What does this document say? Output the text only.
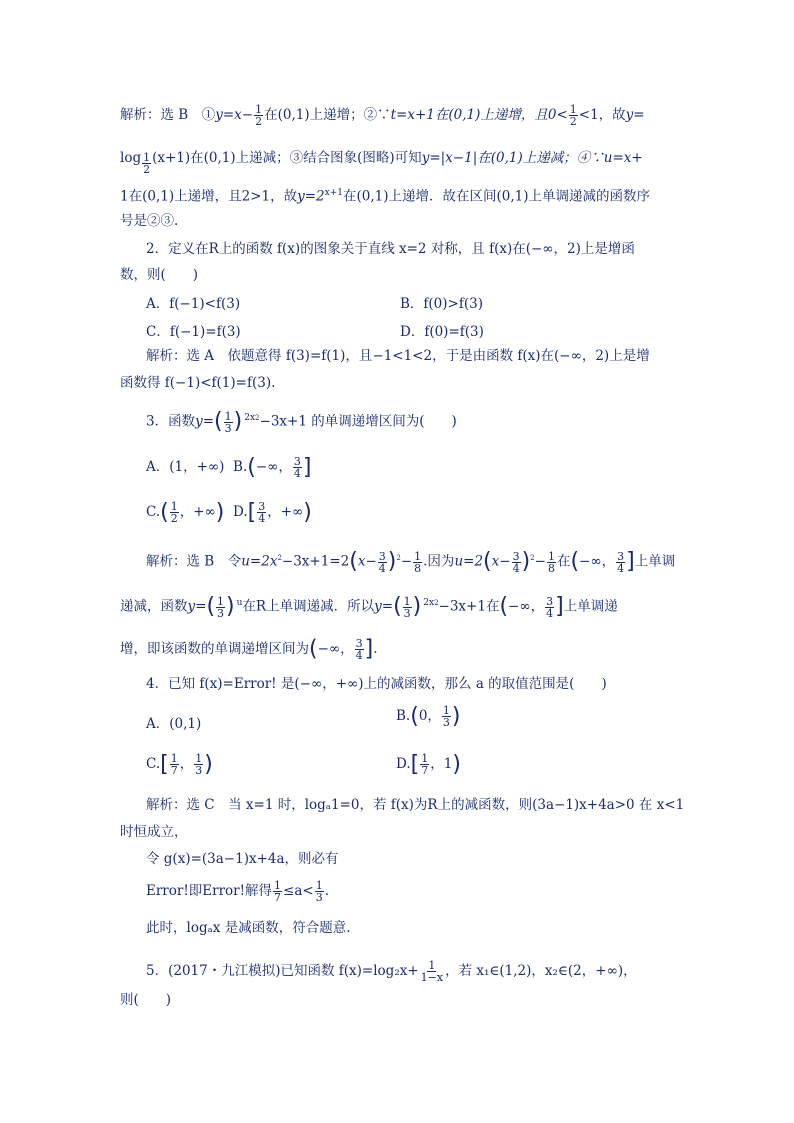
解析：选 B　①y=x− $\frac{1}{2}$ 在(0,1)上递增；②∵t=x+1在(0,1)上递增，且$0< \frac{1}{2} <1$，故y=
log $_{\frac{1}{2}}$ (x+1)在(0,1)上递减；③结合图象(图略)可知y=|x−1|在(0,1)上递减；④∵u=x+
1在(0,1)上递增，且2>1，故$y=2^{x+1}$在(0,1)上递增．故在区间(0,1)上单调递减的函数序
号是②③.
2．定义在R上的函数 f(x)的图象关于直线 x=2 对称，且 f(x)在(−∞，2)上是增函
数，则(　　)
A．f(−1)<f(3)	B．f(0)>f(3)
C．f(−1)=f(3)	D．f(0)=f(3)
解析：选 A　依题意得 f(3)=f(1)，且−1<1<2，于是由函数 f(x)在(−∞，2)上是增
函数得 f(−1)<f(1)=f(3).
3．函数$y=( \frac{1}{3}$ ) $^{2x2}$−3x+1 的单调递增区间为(　　)
A．(1，+∞) B.(−∞， $\frac{3}{4}$ ]
$C.( \frac{1}{2}$ ，+∞) $D.[ \frac{3}{4}$ ，+∞)
解析：选 B　令$u=2x^2-3x+1=2(x- \frac{3}{4} )^2- \frac{1}{8}$ .因为$u=2(x- \frac{3}{4} )^2- \frac{1}{8}$ 在(−∞， $\frac{3}{4}$ ]上单调
递减，函数$y=( \frac{1}{3}$ ) $^u$在R上单调递减．所以$y=( \frac{1}{3}$ ) $^{2x2}$−3x+1在(−∞， $\frac{3}{4}$ ]上单调递
增，即该函数的单调递增区间为(−∞， $\frac{3}{4}$ ].
4．已知 f(x)=Error! 是(−∞，+∞)上的减函数，那么 a 的取值范围是(　　)
A．(0,1)	B.(0， $\frac{1}{3}$ )
$C.[ \frac{1}{7}$ ， $\frac{1}{3}$ )	$D.[ \frac{1}{7}$ ，1)
解析：选 C　当 x=1 时，logₐ1=0，若 f(x)为R上的减函数，则(3a−1)x+4a>0 在 x<1
时恒成立，
令 g(x)=(3a−1)x+4a，则必有
Error!即Error!解得 $\frac{1}{7} \le a< \frac{1}{3}$ .
此时，logₐx 是减函数，符合题意.
5．(2017・九江模拟)已知函数 $f(x)=\log_2x+ \frac{1}{1-x}$ ，若 x₁∈(1,2)，x₂∈(2，+∞)，
则(　　)
